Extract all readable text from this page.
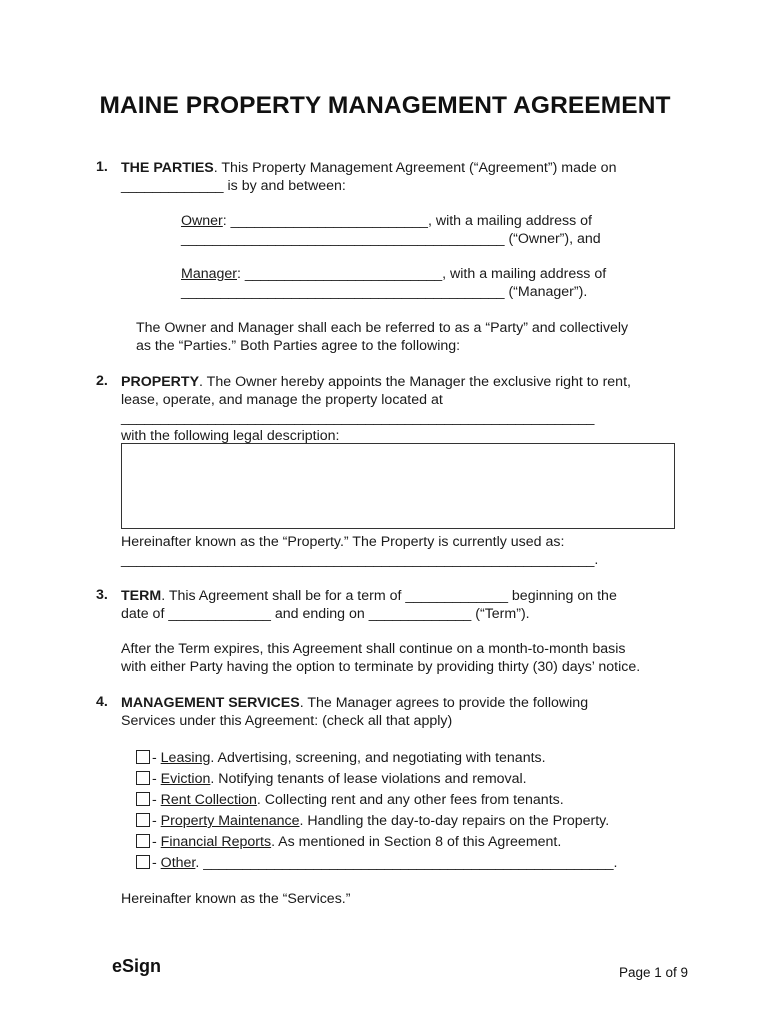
MAINE PROPERTY MANAGEMENT AGREEMENT
1. THE PARTIES. This Property Management Agreement (“Agreement”) made on
_____________ is by and between:
Owner: _________________________, with a mailing address of
_________________________________________ (“Owner”), and
Manager: _________________________, with a mailing address of
_________________________________________ (“Manager”).
The Owner and Manager shall each be referred to as a “Party” and collectively
as the “Parties.” Both Parties agree to the following:
2. PROPERTY. The Owner hereby appoints the Manager the exclusive right to rent,
lease, operate, and manage the property located at
____________________________________________________________
with the following legal description:
Hereinafter known as the “Property.” The Property is currently used as:
____________________________________________________________.
3. TERM. This Agreement shall be for a term of _____________ beginning on the
date of _____________ and ending on _____________ (“Term”).
After the Term expires, this Agreement shall continue on a month-to-month basis
with either Party having the option to terminate by providing thirty (30) days’ notice.
4. MANAGEMENT SERVICES. The Manager agrees to provide the following
Services under this Agreement: (check all that apply)
- Leasing. Advertising, screening, and negotiating with tenants.
- Eviction. Notifying tenants of lease violations and removal.
- Rent Collection. Collecting rent and any other fees from tenants.
- Property Maintenance. Handling the day-to-day repairs on the Property.
- Financial Reports. As mentioned in Section 8 of this Agreement.
- Other. ____________________________________________________.
Hereinafter known as the “Services.”
eSign	Page 1 of 9
